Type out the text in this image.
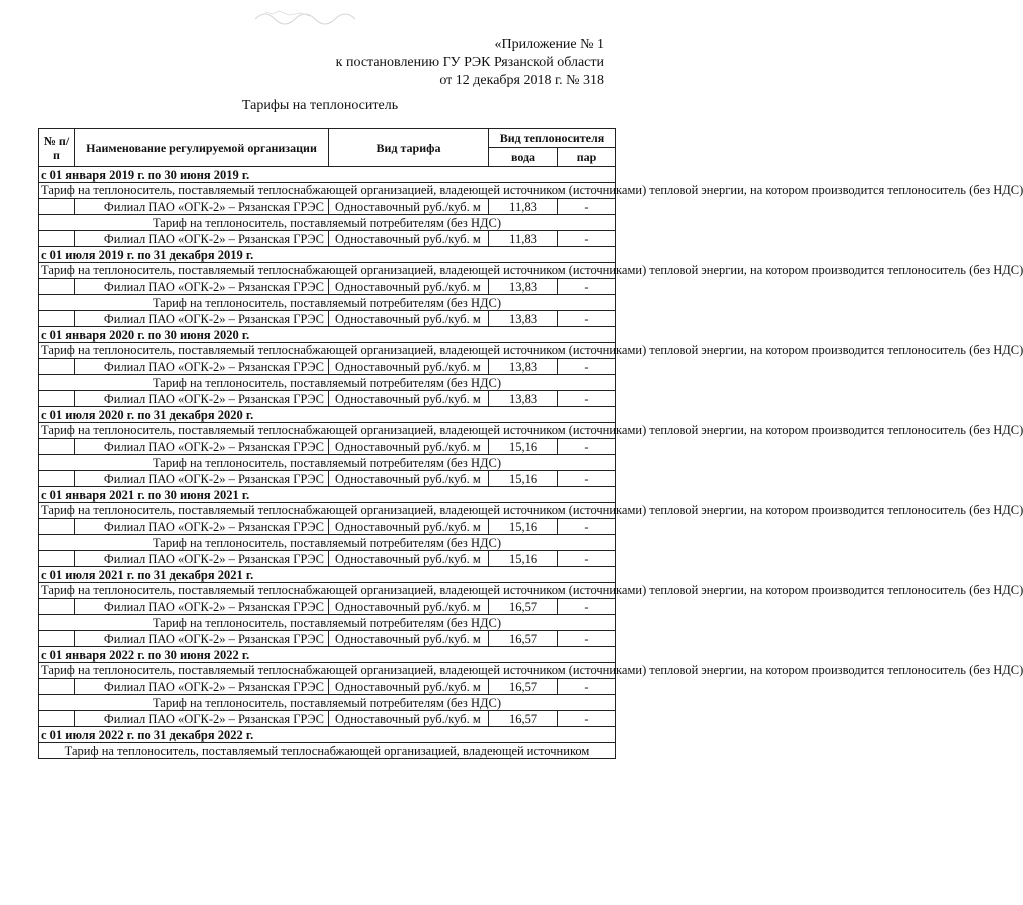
«Приложение № 1
к постановлению ГУ РЭК Рязанской области
от 12 декабря 2018 г. № 318
Тарифы на теплоноситель
№ п/п	Наименование регулируемой организации	Вид тарифа	Вид теплоносителя	
			вода	пар
с 01 января 2019 г. по 30 июня 2019 г.				
Тариф на теплоноситель, поставляемый теплоснабжающей организацией, владеющей источником (источниками) тепловой энергии, на котором производится теплоноситель (без НДС)				
	Филиал ПАО «ОГК-2» – Рязанская ГРЭС	Одноставочный руб./куб. м	11,83	-
Тариф на теплоноситель, поставляемый потребителям (без НДС)				
	Филиал ПАО «ОГК-2» – Рязанская ГРЭС	Одноставочный руб./куб. м	11,83	-
с 01 июля 2019 г. по 31 декабря 2019 г.				
Тариф на теплоноситель, поставляемый теплоснабжающей организацией, владеющей источником (источниками) тепловой энергии, на котором производится теплоноситель (без НДС)				
	Филиал ПАО «ОГК-2» – Рязанская ГРЭС	Одноставочный руб./куб. м	13,83	-
Тариф на теплоноситель, поставляемый потребителям (без НДС)				
	Филиал ПАО «ОГК-2» – Рязанская ГРЭС	Одноставочный руб./куб. м	13,83	-
с 01 января 2020 г. по 30 июня 2020 г.				
Тариф на теплоноситель, поставляемый теплоснабжающей организацией, владеющей источником (источниками) тепловой энергии, на котором производится теплоноситель (без НДС)				
	Филиал ПАО «ОГК-2» – Рязанская ГРЭС	Одноставочный руб./куб. м	13,83	-
Тариф на теплоноситель, поставляемый потребителям (без НДС)				
	Филиал ПАО «ОГК-2» – Рязанская ГРЭС	Одноставочный руб./куб. м	13,83	-
с 01 июля 2020 г. по 31 декабря 2020 г.				
Тариф на теплоноситель, поставляемый теплоснабжающей организацией, владеющей источником (источниками) тепловой энергии, на котором производится теплоноситель (без НДС)				
	Филиал ПАО «ОГК-2» – Рязанская ГРЭС	Одноставочный руб./куб. м	15,16	-
Тариф на теплоноситель, поставляемый потребителям (без НДС)				
	Филиал ПАО «ОГК-2» – Рязанская ГРЭС	Одноставочный руб./куб. м	15,16	-
с 01 января 2021 г. по 30 июня 2021 г.				
Тариф на теплоноситель, поставляемый теплоснабжающей организацией, владеющей источником (источниками) тепловой энергии, на котором производится теплоноситель (без НДС)				
	Филиал ПАО «ОГК-2» – Рязанская ГРЭС	Одноставочный руб./куб. м	15,16	-
Тариф на теплоноситель, поставляемый потребителям (без НДС)				
	Филиал ПАО «ОГК-2» – Рязанская ГРЭС	Одноставочный руб./куб. м	15,16	-
с 01 июля 2021 г. по 31 декабря 2021 г.				
Тариф на теплоноситель, поставляемый теплоснабжающей организацией, владеющей источником (источниками) тепловой энергии, на котором производится теплоноситель (без НДС)				
	Филиал ПАО «ОГК-2» – Рязанская ГРЭС	Одноставочный руб./куб. м	16,57	-
Тариф на теплоноситель, поставляемый потребителям (без НДС)				
	Филиал ПАО «ОГК-2» – Рязанская ГРЭС	Одноставочный руб./куб. м	16,57	-
с 01 января 2022 г. по 30 июня 2022 г.				
Тариф на теплоноситель, поставляемый теплоснабжающей организацией, владеющей источником (источниками) тепловой энергии, на котором производится теплоноситель (без НДС)				
	Филиал ПАО «ОГК-2» – Рязанская ГРЭС	Одноставочный руб./куб. м	16,57	-
Тариф на теплоноситель, поставляемый потребителям (без НДС)				
	Филиал ПАО «ОГК-2» – Рязанская ГРЭС	Одноставочный руб./куб. м	16,57	-
с 01 июля 2022 г. по 31 декабря 2022 г.				
Тариф на теплоноситель, поставляемый теплоснабжающей организацией, владеющей источником				
